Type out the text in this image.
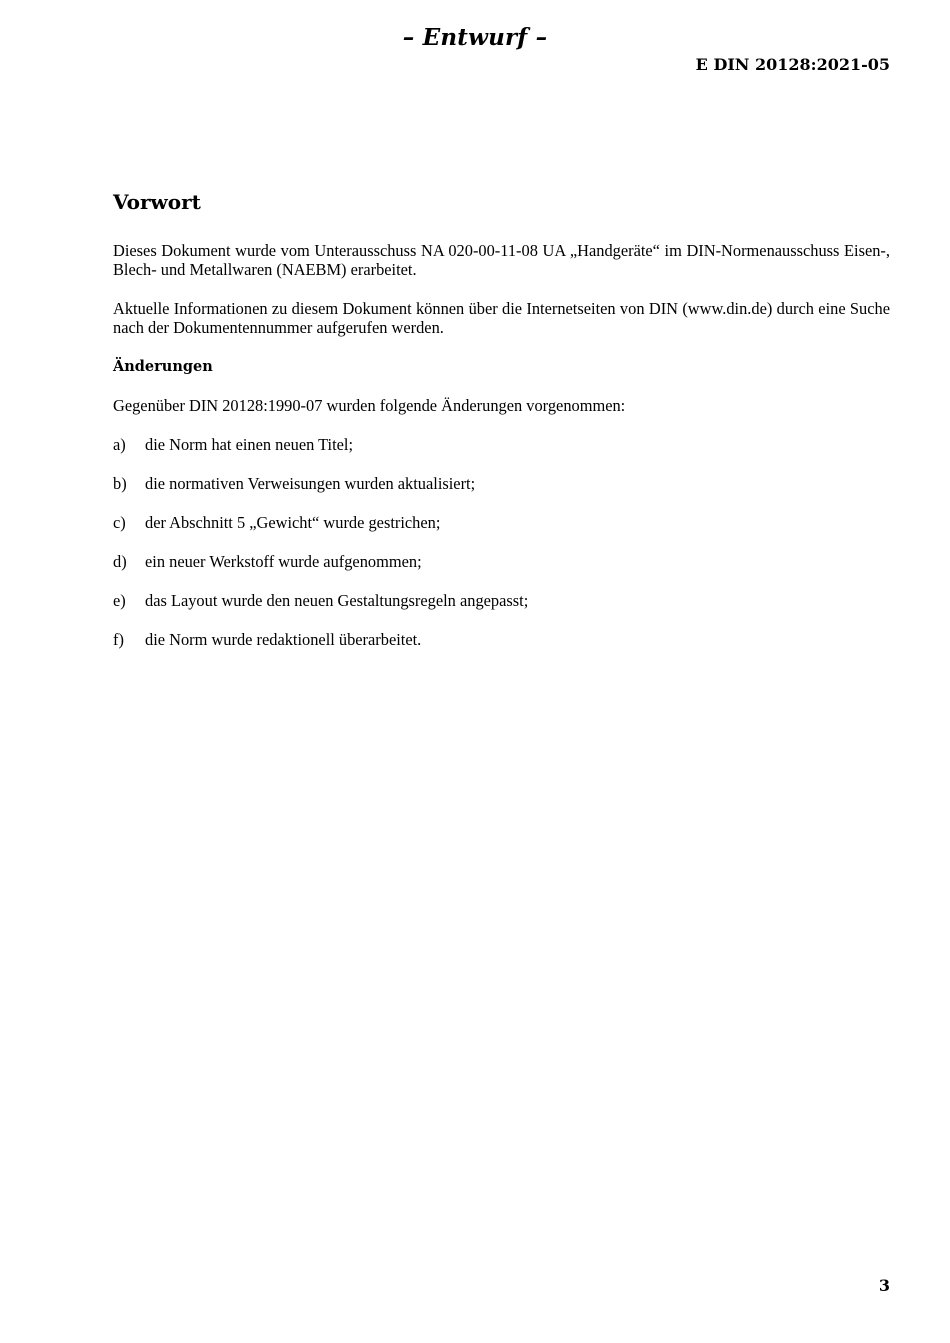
– Entwurf –
E DIN 20128:2021-05
Vorwort

Dieses Dokument wurde vom Unterausschuss NA 020-00-11-08 UA „Handgeräte“ im DIN-Normenausschuss Eisen-, Blech- und Metallwaren (NAEBM) erarbeitet.

Aktuelle Informationen zu diesem Dokument können über die Internetseiten von DIN (www.din.de) durch eine Suche nach der Dokumentennummer aufgerufen werden.

Änderungen

Gegenüber DIN 20128:1990-07 wurden folgende Änderungen vorgenommen:

a)	die Norm hat einen neuen Titel;
b)	die normativen Verweisungen wurden aktualisiert;
c)	der Abschnitt 5 „Gewicht“ wurde gestrichen;
d)	ein neuer Werkstoff wurde aufgenommen;
e)	das Layout wurde den neuen Gestaltungsregeln angepasst;
f)	die Norm wurde redaktionell überarbeitet.
3
